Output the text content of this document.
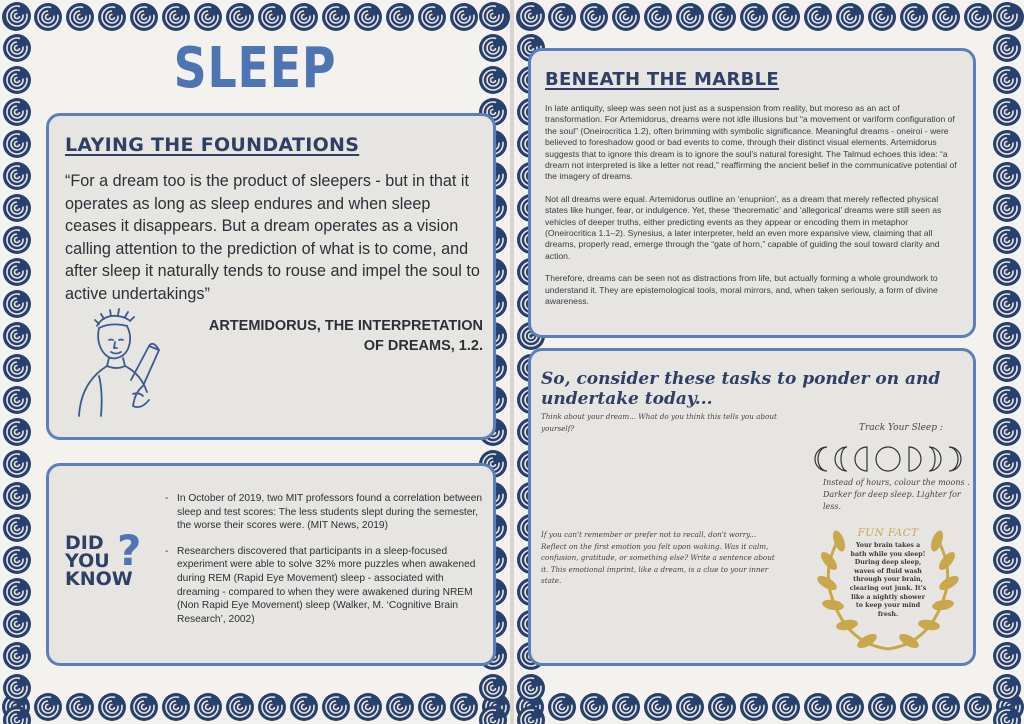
SLEEP
LAYING THE FOUNDATIONS
“For a dream too is the product of sleepers - but in that it operates as long as sleep endures and when sleep ceases it disappears. But a dream operates as a vision calling attention to the prediction of what is to come, and after sleep it naturally tends to rouse and impel the soul to active undertakings”
ARTEMIDORUS, THE INTERPRETATION
OF DREAMS, 1.2.
DID
YOU
KNOW
?
- In October of 2019, two MIT professors found a correlation between sleep and test scores: The less students slept during the semester, the worse their scores were. (MIT News, 2019)
- Researchers discovered that participants in a sleep-focused experiment were able to solve 32% more puzzles when awakened during REM (Rapid Eye Movement) sleep - associated with dreaming - compared to when they were awakened during NREM (Non Rapid Eye Movement) sleep (Walker, M. ‘Cognitive Brain Research’, 2002)
BENEATH THE MARBLE

In late antiquity, sleep was seen not just as a suspension from reality, but moreso as an act of transformation. For Artemidorus, dreams were not idle illusions but “a movement or variform configuration of the soul” (Oneirocritica 1.2), often brimming with symbolic significance. Meaningful dreams - oneiroi - were believed to foreshadow good or bad events to come, through their distinct visual elements. Artemidorus suggests that to ignore this dream is to ignore the soul’s natural foresight. The Talmud echoes this idea: “a dream not interpreted is like a letter not read,” reaffirming the ancient belief in the communicative potential of the imagery of dreams.

Not all dreams were equal. Artemidorus outline an ‘enupnion’, as a dream that merely reflected physical states like hunger, fear, or indulgence. Yet, these ‘theorematic’ and ‘allegorical’ dreams were still seen as vehicles of deeper truths, either predicting events as they appear or encoding them in metaphor (Oneirocritica 1.1–2). Synesius, a later interpreter, held an even more expansive view, claiming that all dreams, properly read, emerge through the “gate of horn,” capable of guiding the soul toward clarity and action.

Therefore, dreams can be seen not as distractions from life, but actually forming a whole groundwork to understand it. They are epistemological tools, moral mirrors, and, when taken seriously, a form of divine awareness.

So, consider these tasks to ponder on and undertake today...
Think about your dream... What do you think this tells you about yourself?	Track Your Sleep :
Instead of hours, colour the moons .
Darker for deep sleep. Lighter for less.
If you can't remember or prefer not to recall, don't worry...
Reflect on the first emotion you felt upon waking. Was it calm, confusion, gratitude, or something else? Write a sentence about it. This emotional imprint, like a dream, is a clue to your inner state.
FUN FACT
Your brain takes a bath while you sleep! During deep sleep, waves of fluid wash through your brain, clearing out junk. It's like a nightly shower to keep your mind fresh.
